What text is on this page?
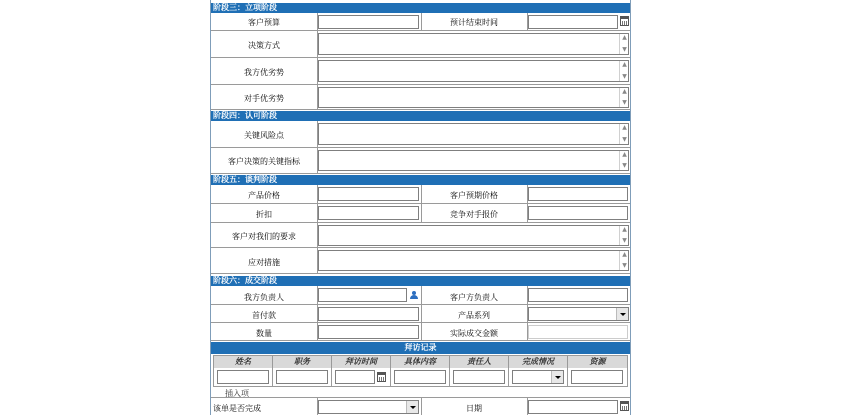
阶段三：立项阶段
客户预算	预计结束时间
决策方式
▲
▼
我方优劣势
▲
▼
对手优劣势
▲
▼
阶段四：认可阶段
关键风险点
▲
▼
客户决策的关键指标
▲
▼
阶段五：谈判阶段
产品价格	客户预期价格
折扣	竞争对手报价
客户对我们的要求
▲
▼
应对措施
▲
▼
阶段六：成交阶段
我方负责人	客户方负责人
首付款	产品系列
数量	实际成交金额
拜访记录
姓名	职务	拜访时间	具体内容	责任人	完成情况	资源
插入项
该单是否完成	日期
